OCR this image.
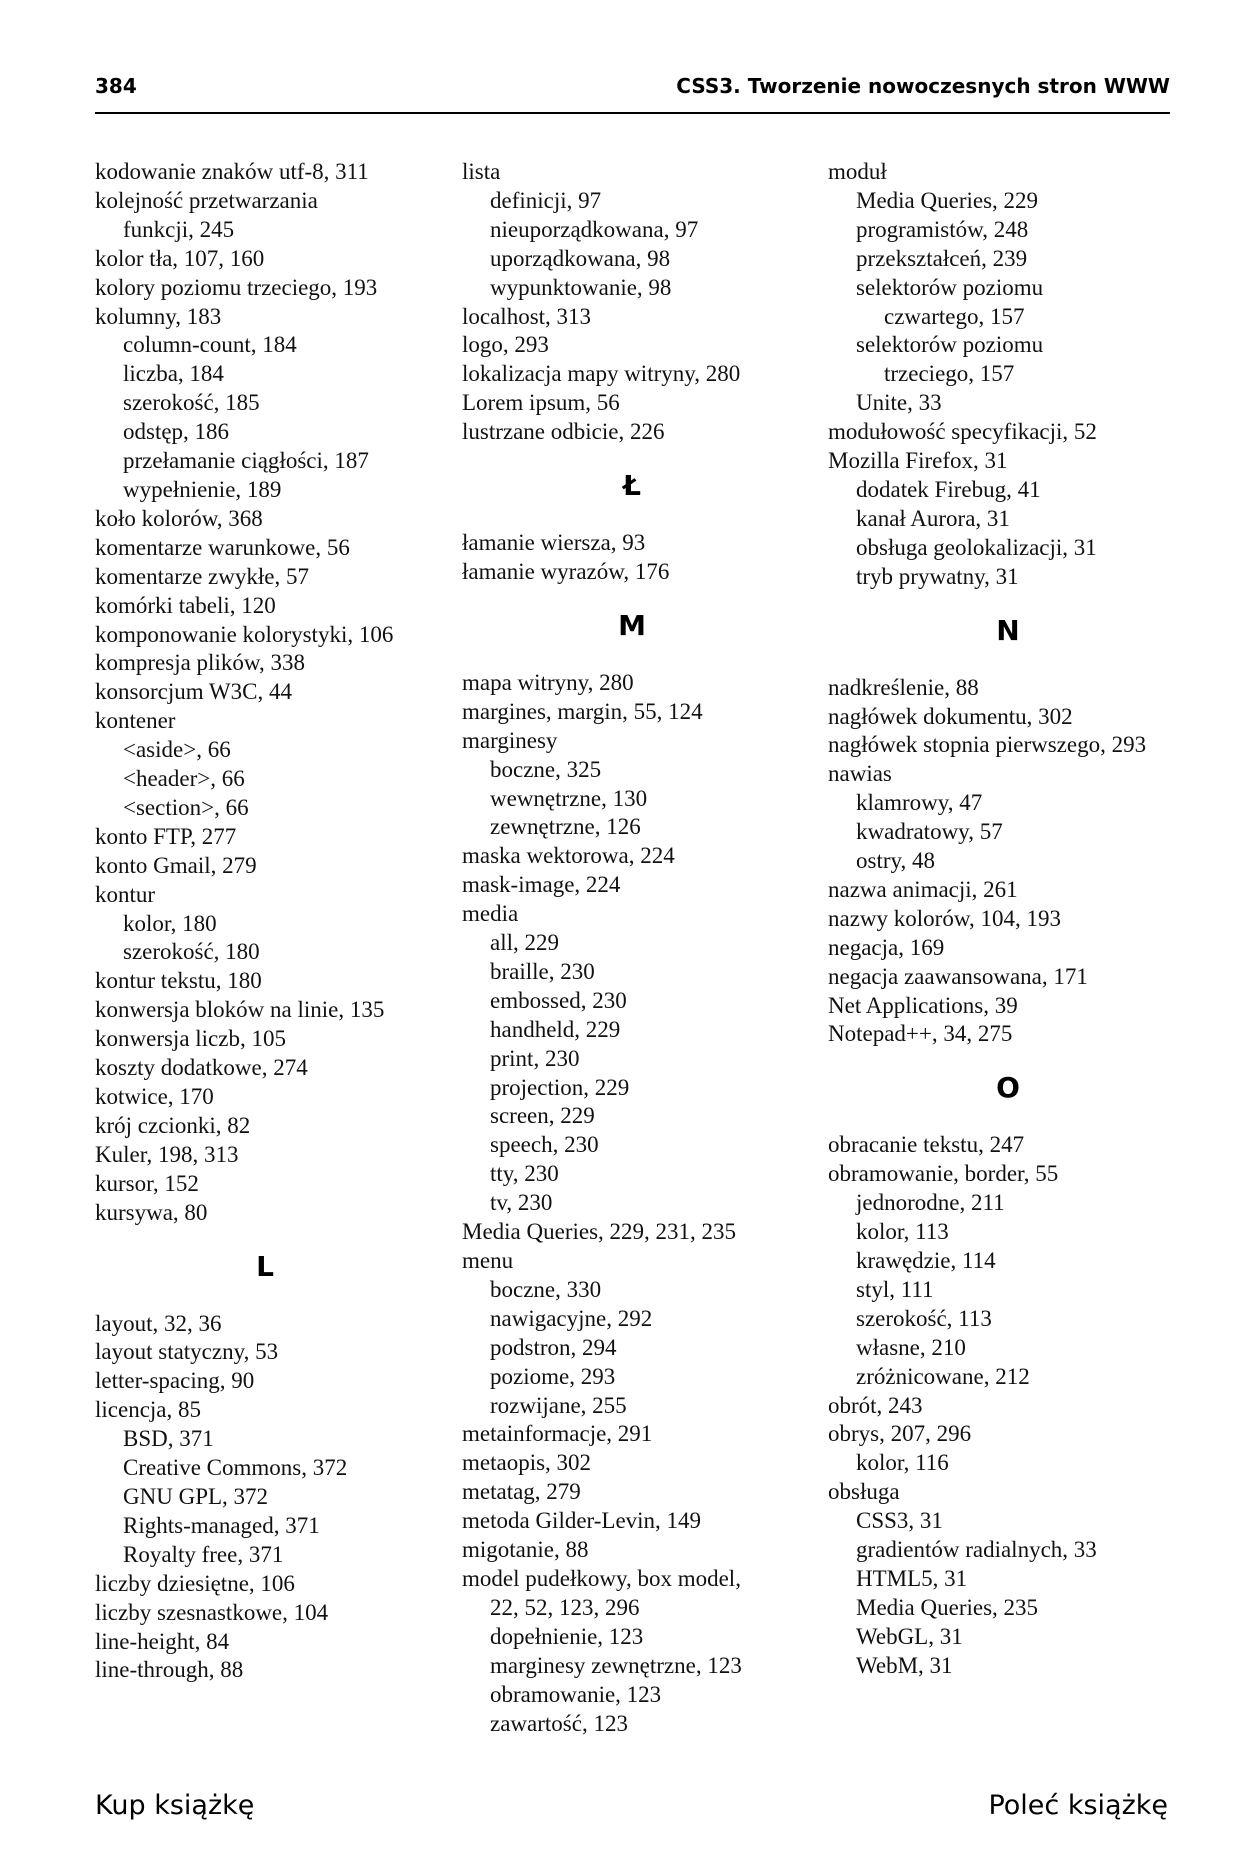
384	CSS3. Tworzenie nowoczesnych stron WWW
kodowanie znaków utf-8, 311
kolejność przetwarzania
funkcji, 245
kolor tła, 107, 160
kolory poziomu trzeciego, 193
kolumny, 183
column-count, 184
liczba, 184
szerokość, 185
odstęp, 186
przełamanie ciągłości, 187
wypełnienie, 189
koło kolorów, 368
komentarze warunkowe, 56
komentarze zwykłe, 57
komórki tabeli, 120
komponowanie kolorystyki, 106
kompresja plików, 338
konsorcjum W3C, 44
kontener
<aside>, 66
<header>, 66
<section>, 66
konto FTP, 277
konto Gmail, 279
kontur
kolor, 180
szerokość, 180
kontur tekstu, 180
konwersja bloków na linie, 135
konwersja liczb, 105
koszty dodatkowe, 274
kotwice, 170
krój czcionki, 82
Kuler, 198, 313
kursor, 152
kursywa, 80
L
layout, 32, 36
layout statyczny, 53
letter-spacing, 90
licencja, 85
BSD, 371
Creative Commons, 372
GNU GPL, 372
Rights-managed, 371
Royalty free, 371
liczby dziesiętne, 106
liczby szesnastkowe, 104
line-height, 84
line-through, 88
lista
definicji, 97
nieuporządkowana, 97
uporządkowana, 98
wypunktowanie, 98
localhost, 313
logo, 293
lokalizacja mapy witryny, 280
Lorem ipsum, 56
lustrzane odbicie, 226
Ł
łamanie wiersza, 93
łamanie wyrazów, 176
M
mapa witryny, 280
margines, margin, 55, 124
marginesy
boczne, 325
wewnętrzne, 130
zewnętrzne, 126
maska wektorowa, 224
mask-image, 224
media
all, 229
braille, 230
embossed, 230
handheld, 229
print, 230
projection, 229
screen, 229
speech, 230
tty, 230
tv, 230
Media Queries, 229, 231, 235
menu
boczne, 330
nawigacyjne, 292
podstron, 294
poziome, 293
rozwijane, 255
metainformacje, 291
metaopis, 302
metatag, 279
metoda Gilder-Levin, 149
migotanie, 88
model pudełkowy, box model,
22, 52, 123, 296
dopełnienie, 123
marginesy zewnętrzne, 123
obramowanie, 123
zawartość, 123
moduł
Media Queries, 229
programistów, 248
przekształceń, 239
selektorów poziomu
czwartego, 157
selektorów poziomu
trzeciego, 157
Unite, 33
modułowość specyfikacji, 52
Mozilla Firefox, 31
dodatek Firebug, 41
kanał Aurora, 31
obsługa geolokalizacji, 31
tryb prywatny, 31
N
nadkreślenie, 88
nagłówek dokumentu, 302
nagłówek stopnia pierwszego, 293
nawias
klamrowy, 47
kwadratowy, 57
ostry, 48
nazwa animacji, 261
nazwy kolorów, 104, 193
negacja, 169
negacja zaawansowana, 171
Net Applications, 39
Notepad++, 34, 275
O
obracanie tekstu, 247
obramowanie, border, 55
jednorodne, 211
kolor, 113
krawędzie, 114
styl, 111
szerokość, 113
własne, 210
zróżnicowane, 212
obrót, 243
obrys, 207, 296
kolor, 116
obsługa
CSS3, 31
gradientów radialnych, 33
HTML5, 31
Media Queries, 235
WebGL, 31
WebM, 31
Kup książkę	Poleć książkę
